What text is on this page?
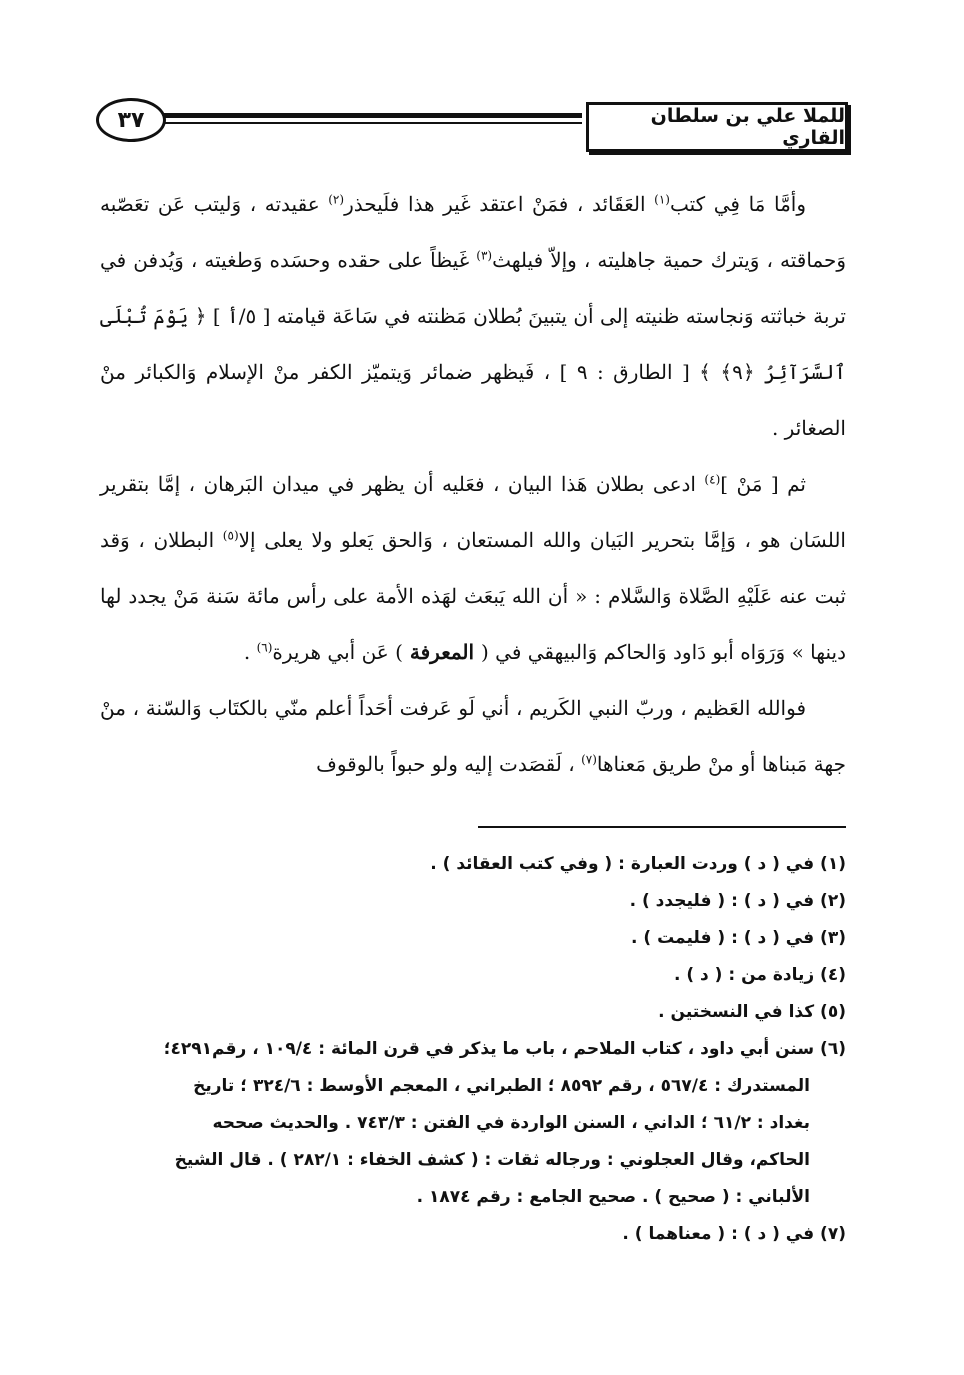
٣٧	للملا علي بن سلطان القاري

وأمَّا مَا فِي كتب$^{(١)}$ العَقَائد ، فمَنْ اعتقد غَير هذا فلَيحذر$^{(٢)}$ عقيدته ، وَليتب عَن تعَصّبه وَحماقته ، وَيترك حمية جاهليته ، وإلاّ فيلهث$^{(٣)}$ غَيظاً على حقده وحسَده وَطغيته ، وَيُدفن في تربة خباثته وَنجاسته ظنيته إلى أن يتبينَ بُطلان مَظنته في سَاعَة قيامته [ ٥/أ ] ﴿ يَوْمَ تُبْلَى ٱلسَّرَآئِرُ ﴿٩﴾ ﴾ [ الطارق : ٩ ] ، فَيظهر ضمائر وَيتميّز الكفر منْ الإسلام وَالكبائر منْ الصغائر .

ثم [ مَنْ ]$^{(٤)}$ ادعى بطلان هَذا البيان ، فعَليه أن يظهر في ميدان البَرهان ، إمَّا بتقرير اللسَان هو ، وَإمَّا بتحرير البَيان والله المستعان ، وَالحق يَعلو ولا يعلى إلا$^{(٥)}$ البطلان ، وَقد ثبت عنه عَلَيْهِ الصَّلاة وَالسَّلام : « أن الله يَبعَث لهَذه الأمة على رأس مائة سَنة مَنْ يجدد لها دينها » وَرَوَاه أبو دَاود وَالحاكم وَالبيهقي في ( المعرفة ) عَن أبي هريرة$^{(٦)}$ .

فوالله العَظيم ، وربّ النبي الكَريم ، أني لَو عَرفت أحَداً أعلم منّي بالكتَاب وَالسّنة ، منْ جهة مَبناها أو منْ طريق مَعناها$^{(٧)}$ ، لَقصَدت إليه ولو حبواً بالوقوف

(١) في ( د ) وردت العبارة : ( وفي كتب العقائد ) .

(٢) في ( د ) : ( فليجدد ) .

(٣) في ( د ) : ( فليمت ) .

(٤) زيادة من : ( د ) .

(٥) كذا في النسختين .

(٦) سنن أبي داود ، كتاب الملاحم ، باب ما يذكر في قرن المائة : ١٠٩/٤ ، رقم٤٢٩١؛
المستدرك : ٥٦٧/٤ ، رقم ٨٥٩٢ ؛ الطبراني ، المعجم الأوسط : ٣٢٤/٦ ؛ تاريخ
بغداد : ٦١/٢ ؛ الداني ، السنن الواردة في الفتن : ٧٤٣/٣ . والحديث صححه
الحاكم، وقال العجلوني : ورجاله ثقات : ( كشف الخفاء : ٢٨٢/١ ) . قال الشيخ
الألباني : ( صحيح ) . صحيح الجامع : رقم ١٨٧٤ .

(٧) في ( د ) : ( معناهما ) .
